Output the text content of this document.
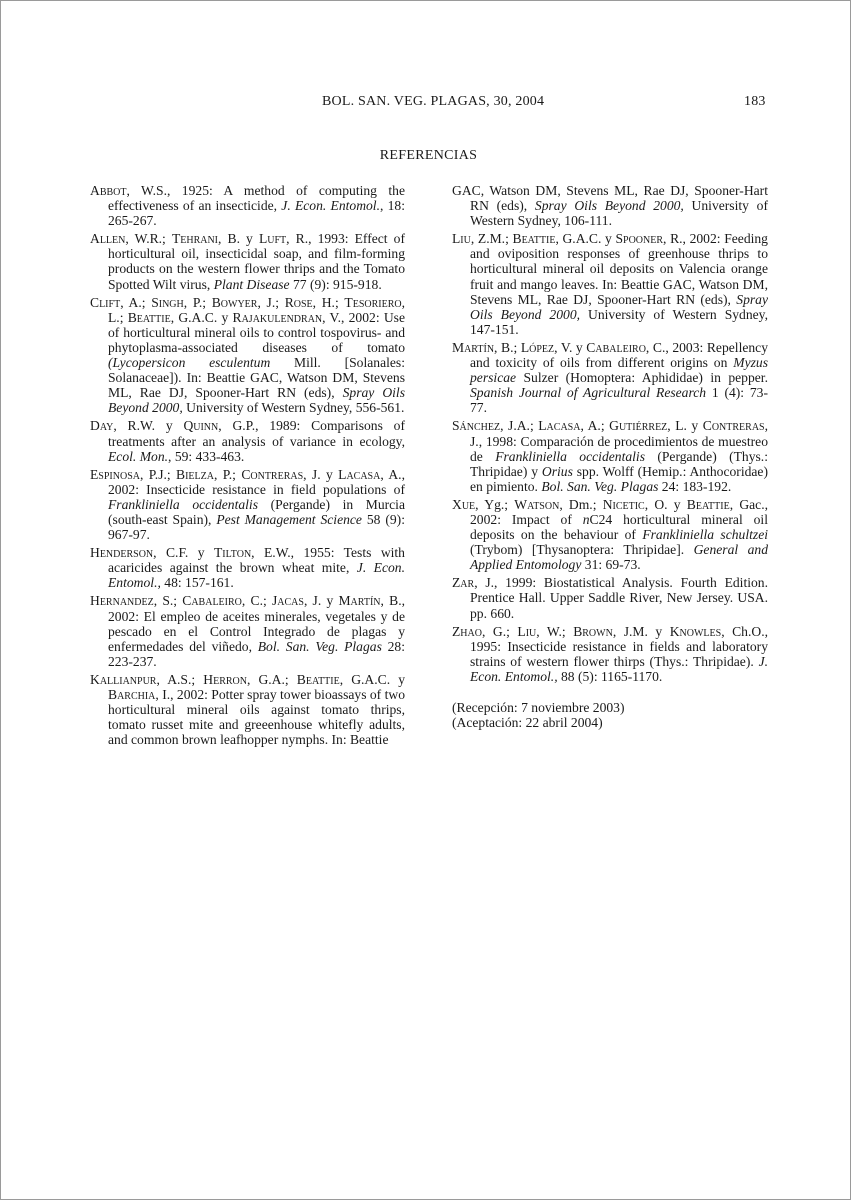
BOL. SAN. VEG. PLAGAS, 30, 2004	183
REFERENCIAS

Abbot, W.S., 1925: A method of computing the effectiveness of an insecticide, J. Econ. Entomol., 18: 265-267.

Allen, W.R.; Tehrani, B. y Luft, R., 1993: Effect of horticultural oil, insecticidal soap, and film-forming products on the western flower thrips and the Tomato Spotted Wilt virus, Plant Disease 77 (9): 915-918.

Clift, A.; Singh, P.; Bowyer, J.; Rose, H.; Tesoriero, L.; Beattie, G.A.C. y Rajakulendran, V., 2002: Use of horticultural mineral oils to control tospovirus- and phytoplasma-associated diseases of tomato (Lycopersicon esculentum Mill. [Solanales: Solanaceae]). In: Beattie GAC, Watson DM, Stevens ML, Rae DJ, Spooner-Hart RN (eds), Spray Oils Beyond 2000, University of Western Sydney, 556-561.

Day, R.W. y Quinn, G.P., 1989: Comparisons of treatments after an analysis of variance in ecology, Ecol. Mon., 59: 433-463.

Espinosa, P.J.; Bielza, P.; Contreras, J. y Lacasa, A., 2002: Insecticide resistance in field populations of Frankliniella occidentalis (Pergande) in Murcia (south-east Spain), Pest Management Science 58 (9): 967-97.

Henderson, C.F. y Tilton, E.W., 1955: Tests with acaricides against the brown wheat mite, J. Econ. Entomol., 48: 157-161.

Hernandez, S.; Cabaleiro, C.; Jacas, J. y Martín, B., 2002: El empleo de aceites minerales, vegetales y de pescado en el Control Integrado de plagas y enfermedades del viñedo, Bol. San. Veg. Plagas 28: 223-237.

Kallianpur, A.S.; Herron, G.A.; Beattie, G.A.C. y Barchia, I., 2002: Potter spray tower bioassays of two horticultural mineral oils against tomato thrips, tomato russet mite and greeenhouse whitefly adults, and common brown leafhopper nymphs. In: Beattie

GAC, Watson DM, Stevens ML, Rae DJ, Spooner-Hart RN (eds), Spray Oils Beyond 2000, University of Western Sydney, 106-111.

Liu, Z.M.; Beattie, G.A.C. y Spooner, R., 2002: Feeding and oviposition responses of greenhouse thrips to horticultural mineral oil deposits on Valencia orange fruit and mango leaves. In: Beattie GAC, Watson DM, Stevens ML, Rae DJ, Spooner-Hart RN (eds), Spray Oils Beyond 2000, University of Western Sydney, 147-151.

Martín, B.; López, V. y Cabaleiro, C., 2003: Repellency and toxicity of oils from different origins on Myzus persicae Sulzer (Homoptera: Aphididae) in pepper. Spanish Journal of Agricultural Research 1 (4): 73-77.

Sánchez, J.A.; Lacasa, A.; Gutiérrez, L. y Contreras, J., 1998: Comparación de procedimientos de muestreo de Frankliniella occidentalis (Pergande) (Thys.: Thripidae) y Orius spp. Wolff (Hemip.: Anthocoridae) en pimiento. Bol. San. Veg. Plagas 24: 183-192.

Xue, Yg.; Watson, Dm.; Nicetic, O. y Beattie, Gac., 2002: Impact of nC24 horticultural mineral oil deposits on the behaviour of Frankliniella schultzei (Trybom) [Thysanoptera: Thripidae]. General and Applied Entomology 31: 69-73.

Zar, J., 1999: Biostatistical Analysis. Fourth Edition. Prentice Hall. Upper Saddle River, New Jersey. USA. pp. 660.

Zhao, G.; Liu, W.; Brown, J.M. y Knowles, Ch.O., 1995: Insecticide resistance in fields and laboratory strains of western flower thirps (Thys.: Thripidae). J. Econ. Entomol., 88 (5): 1165-1170.

(Recepción: 7 noviembre 2003)
(Aceptación: 22 abril 2004)
